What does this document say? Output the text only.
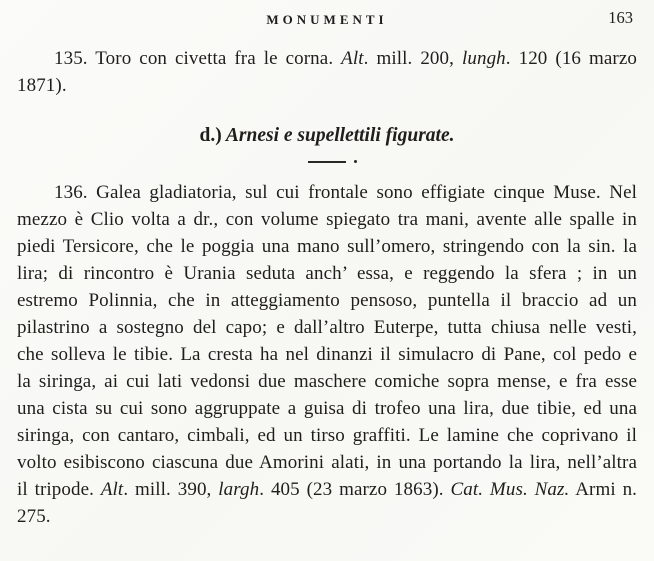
MONUMENTI	163

135. Toro con civetta fra le corna. Alt. mill. 200, lungh. 120 (16 marzo 1871).

d.) Arnesi e supellettili figurate.

136. Galea gladiatoria, sul cui frontale sono effigiate cinque Muse. Nel mezzo è Clio volta a dr., con volume spiegato tra mani, avente alle spalle in piedi Tersicore, che le poggia una mano sull’omero, stringendo con la sin. la lira; di rincontro è Urania seduta anch’ essa, e reggendo la sfera ; in un estremo Polinnia, che in atteggiamento pensoso, puntella il braccio ad un pilastrino a sostegno del capo; e dall’altro Euterpe, tutta chiusa nelle vesti, che solleva le tibie. La cresta ha nel dinanzi il simulacro di Pane, col pedo e la siringa, ai cui lati vedonsi due maschere comiche sopra mense, e fra esse una cista su cui sono aggruppate a guisa di trofeo una lira, due tibie, ed una siringa, con cantaro, cimbali, ed un tirso graffiti. Le lamine che coprivano il volto esibiscono ciascuna due Amorini alati, in una portando la lira, nell’altra il tripode. Alt. mill. 390, largh. 405 (23 marzo 1863). Cat. Mus. Naz. Armi n. 275.
